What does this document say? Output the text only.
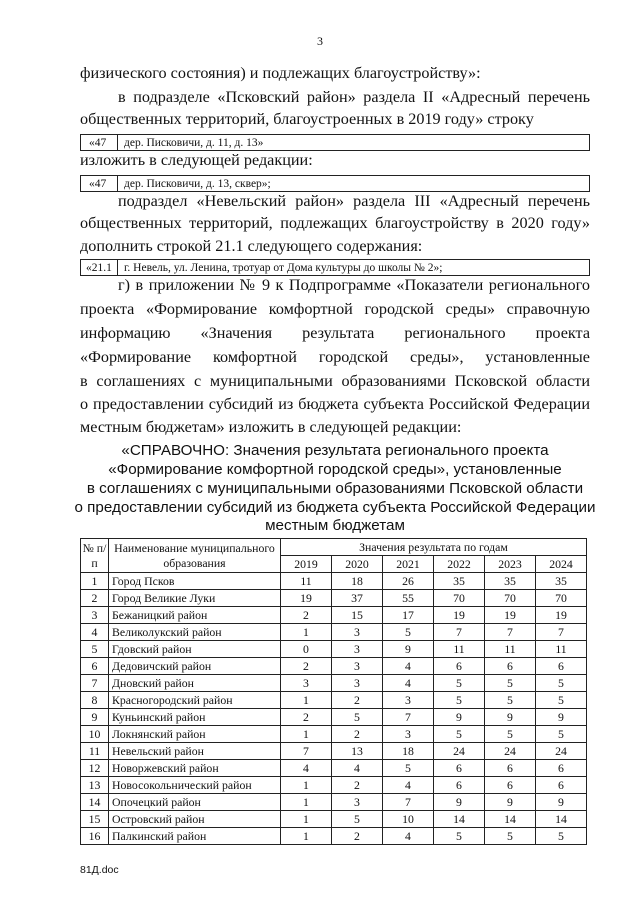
3
физического состояния) и подлежащих благоустройству»:
в подразделе «Псковский район» раздела II «Адресный перечень
общественных территорий, благоустроенных в 2019 году» строку
«47	дер. Писковичи, д. 11, д. 13»
изложить в следующей редакции:
«47	дер. Писковичи, д. 13, сквер»;
подраздел «Невельский район» раздела III «Адресный перечень
общественных территорий, подлежащих благоустройству в 2020 году»
дополнить строкой 21.1 следующего содержания:
«21.1	г. Невель, ул. Ленина, тротуар от Дома культуры до школы № 2»;
г) в приложении № 9 к Подпрограмме «Показатели регионального
проекта «Формирование комфортной городской среды» справочную
информацию «Значения результата регионального проекта
«Формирование комфортной городской среды», установленные
в соглашениях с муниципальными образованиями Псковской области
о предоставлении субсидий из бюджета субъекта Российской Федерации
местным бюджетам» изложить в следующей редакции:
«СПРАВОЧНО: Значения результата регионального проекта
«Формирование комфортной городской среды», установленные
в соглашениях с муниципальными образованиями Псковской области
о предоставлении субсидий из бюджета субъекта Российской Федерации
местным бюджетам
№ п/п	Наименование муниципального образования	Значения результата по годам					
		2019	2020	2021	2022	2023	2024
1	Город Псков	11	18	26	35	35	35
2	Город Великие Луки	19	37	55	70	70	70
3	Бежаницкий район	2	15	17	19	19	19
4	Великолукский район	1	3	5	7	7	7
5	Гдовский район	0	3	9	11	11	11
6	Дедовичский район	2	3	4	6	6	6
7	Дновский район	3	3	4	5	5	5
8	Красногородский район	1	2	3	5	5	5
9	Куньинский район	2	5	7	9	9	9
10	Локнянский район	1	2	3	5	5	5
11	Невельский район	7	13	18	24	24	24
12	Новоржевский район	4	4	5	6	6	6
13	Новосокольнический район	1	2	4	6	6	6
14	Опочецкий район	1	3	7	9	9	9
15	Островский район	1	5	10	14	14	14
16	Палкинский район	1	2	4	5	5	5
81Д.doc
